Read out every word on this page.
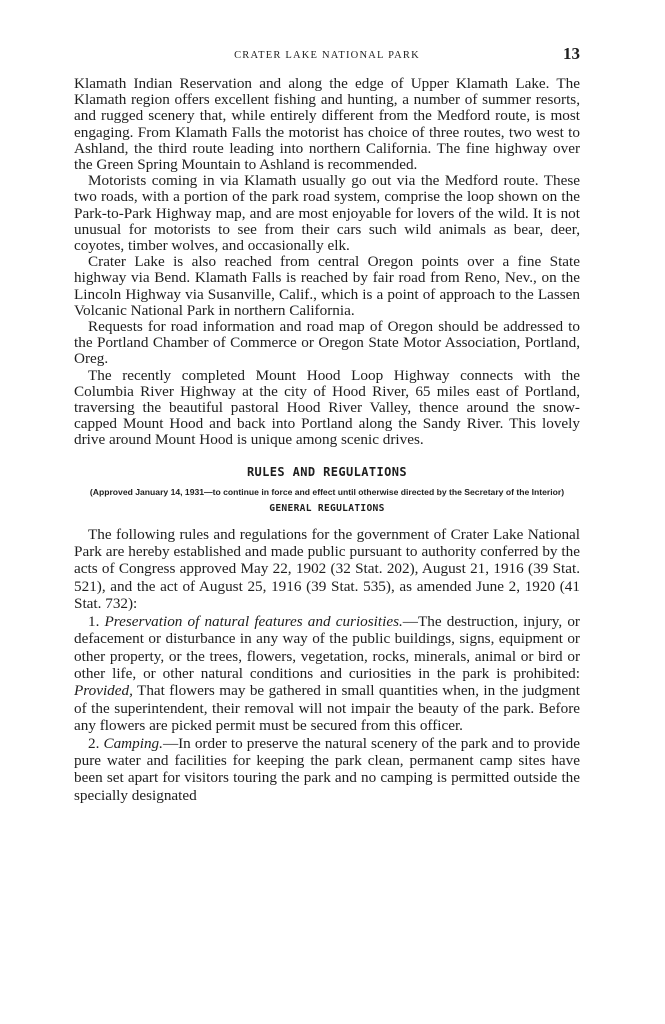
CRATER LAKE NATIONAL PARK	13

Klamath Indian Reservation and along the edge of Upper Klamath Lake. The Klamath region offers excellent fishing and hunting, a number of summer resorts, and rugged scenery that, while entirely different from the Medford route, is most engaging. From Klamath Falls the motorist has choice of three routes, two west to Ashland, the third route leading into northern California. The fine highway over the Green Spring Mountain to Ashland is recommended.

Motorists coming in via Klamath usually go out via the Medford route. These two roads, with a portion of the park road system, comprise the loop shown on the Park-to-Park Highway map, and are most enjoyable for lovers of the wild. It is not unusual for motorists to see from their cars such wild animals as bear, deer, coyotes, timber wolves, and occasionally elk.

Crater Lake is also reached from central Oregon points over a fine State highway via Bend. Klamath Falls is reached by fair road from Reno, Nev., on the Lincoln Highway via Susanville, Calif., which is a point of approach to the Lassen Volcanic National Park in northern California.

Requests for road information and road map of Oregon should be addressed to the Portland Chamber of Commerce or Oregon State Motor Association, Portland, Oreg.

The recently completed Mount Hood Loop Highway connects with the Columbia River Highway at the city of Hood River, 65 miles east of Portland, traversing the beautiful pastoral Hood River Valley, thence around the snow-capped Mount Hood and back into Portland along the Sandy River. This lovely drive around Mount Hood is unique among scenic drives.

RULES AND REGULATIONS
(Approved January 14, 1931—to continue in force and effect until otherwise directed by the Secretary of the Interior)
GENERAL REGULATIONS

The following rules and regulations for the government of Crater Lake National Park are hereby established and made public pursuant to authority conferred by the acts of Congress approved May 22, 1902 (32 Stat. 202), August 21, 1916 (39 Stat. 521), and the act of August 25, 1916 (39 Stat. 535), as amended June 2, 1920 (41 Stat. 732):

1. Preservation of natural features and curiosities.—The destruction, injury, or defacement or disturbance in any way of the public buildings, signs, equipment or other property, or the trees, flowers, vegetation, rocks, minerals, animal or bird or other life, or other natural conditions and curiosities in the park is prohibited: Provided, That flowers may be gathered in small quantities when, in the judgment of the superintendent, their removal will not impair the beauty of the park. Before any flowers are picked permit must be secured from this officer.

2. Camping.—In order to preserve the natural scenery of the park and to provide pure water and facilities for keeping the park clean, permanent camp sites have been set apart for visitors touring the park and no camping is permitted outside the specially designated
